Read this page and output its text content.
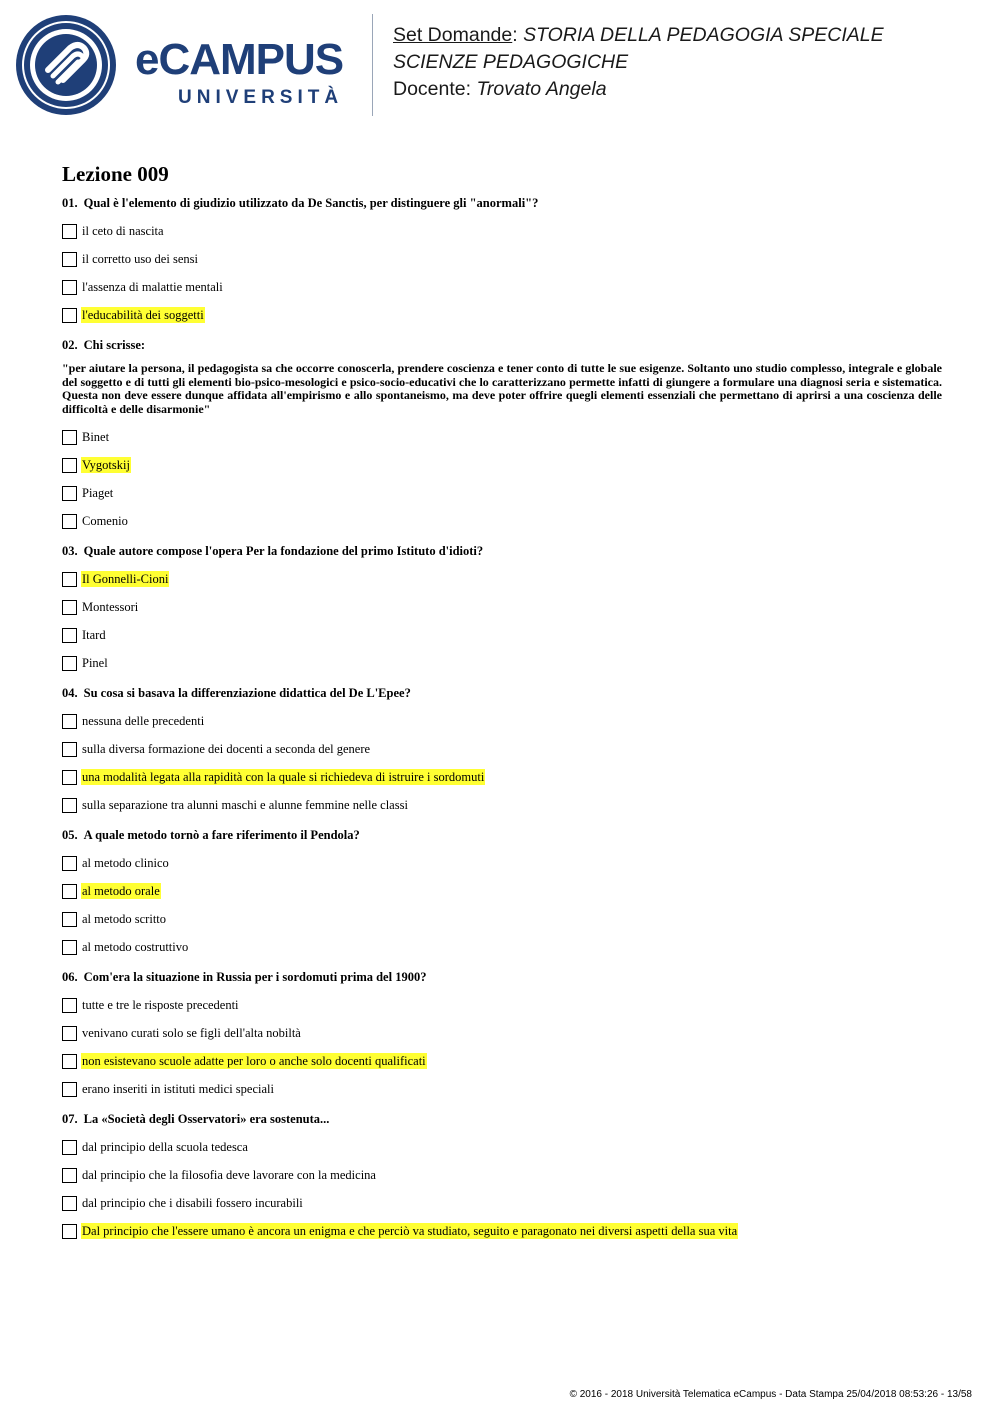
eCAMPUS
UNIVERSITÀ
Set Domande: STORIA DELLA PEDAGOGIA SPECIALE
SCIENZE PEDAGOGICHE
Docente: Trovato Angela
Lezione 009
01. Qual è l'elemento di giudizio utilizzato da De Sanctis, per distinguere gli "anormali"?
il ceto di nascita
il corretto uso dei sensi
l'assenza di malattie mentali
l'educabilità dei soggetti
02. Chi scrisse:
"per aiutare la persona, il pedagogista sa che occorre conoscerla, prendere coscienza e tener conto di tutte le sue esigenze. Soltanto uno studio complesso, integrale e globale del soggetto e di tutti gli elementi bio-psico-mesologici e psico-socio-educativi che lo caratterizzano permette infatti di giungere a formulare una diagnosi seria e sistematica. Questa non deve essere dunque affidata all'empirismo e allo spontaneismo, ma deve poter offrire quegli elementi essenziali che permettano di aprirsi a una coscienza delle difficoltà e delle disarmonie"
Binet
Vygotskij
Piaget
Comenio
03. Quale autore compose l'opera Per la fondazione del primo Istituto d'idioti?
Il Gonnelli-Cioni
Montessori
Itard
Pinel
04. Su cosa si basava la differenziazione didattica del De L'Epee?
nessuna delle precedenti
sulla diversa formazione dei docenti a seconda del genere
una modalità legata alla rapidità con la quale si richiedeva di istruire i sordomuti
sulla separazione tra alunni maschi e alunne femmine nelle classi
05. A quale metodo tornò a fare riferimento il Pendola?
al metodo clinico
al metodo orale
al metodo scritto
al metodo costruttivo
06. Com'era la situazione in Russia per i sordomuti prima del 1900?
tutte e tre le risposte precedenti
venivano curati solo se figli dell'alta nobiltà
non esistevano scuole adatte per loro o anche solo docenti qualificati
erano inseriti in istituti medici speciali
07. La «Società degli Osservatori» era sostenuta...
dal principio della scuola tedesca
dal principio che la filosofia deve lavorare con la medicina
dal principio che i disabili fossero incurabili
Dal principio che l'essere umano è ancora un enigma e che perciò va studiato, seguito e paragonato nei diversi aspetti della sua vita
© 2016 - 2018 Università Telematica eCampus - Data Stampa 25/04/2018 08:53:26 - 13/58
